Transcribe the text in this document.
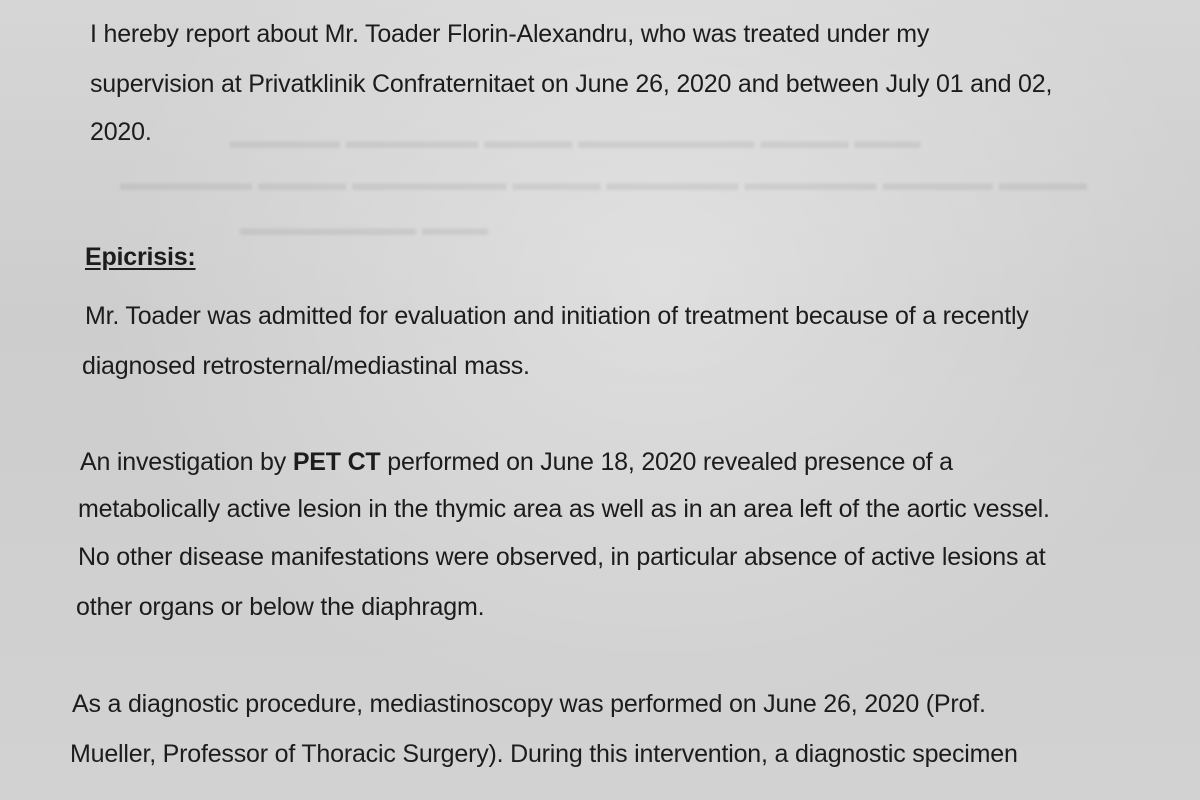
▬▬▬▬▬ ▬▬▬▬▬▬ ▬▬▬▬ ▬▬▬▬▬▬▬▬ ▬▬▬▬ ▬▬▬
▬▬▬▬▬▬ ▬▬▬▬ ▬▬▬▬▬▬▬ ▬▬▬▬ ▬▬▬▬▬▬ ▬▬▬▬▬▬ ▬▬▬▬▬ ▬▬▬▬
▬▬▬▬▬▬▬▬ ▬▬▬
I hereby report about Mr. Toader Florin-Alexandru, who was treated under my
supervision at Privatklinik Confraternitaet on June 26, 2020 and between July 01 and 02,
2020.
Epicrisis:
Mr. Toader was admitted for evaluation and initiation of treatment because of a recently
diagnosed retrosternal/mediastinal mass.
An investigation by PET CT performed on June 18, 2020 revealed presence of a
metabolically active lesion in the thymic area as well as in an area left of the aortic vessel.
No other disease manifestations were observed, in particular absence of active lesions at
other organs or below the diaphragm.
As a diagnostic procedure, mediastinoscopy was performed on June 26, 2020 (Prof.
Mueller, Professor of Thoracic Surgery). During this intervention, a diagnostic specimen
